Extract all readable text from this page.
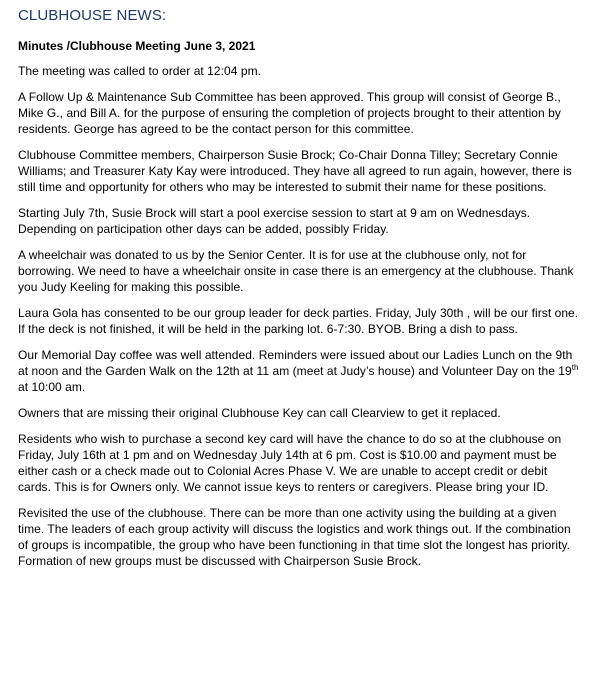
CLUBHOUSE NEWS:
Minutes /Clubhouse Meeting June 3, 2021

The meeting was called to order at 12:04 pm.

A Follow Up & Maintenance Sub Committee has been approved. This group will consist of George B., Mike G., and Bill A. for the purpose of ensuring the completion of projects brought to their attention by residents. George has agreed to be the contact person for this committee.

Clubhouse Committee members, Chairperson Susie Brock; Co-Chair Donna Tilley; Secretary Connie Williams; and Treasurer Katy Kay were introduced. They have all agreed to run again, however, there is still time and opportunity for others who may be interested to submit their name for these positions.

Starting July 7th, Susie Brock will start a pool exercise session to start at 9 am on Wednesdays. Depending on participation other days can be added, possibly Friday.

A wheelchair was donated to us by the Senior Center. It is for use at the clubhouse only, not for borrowing. We need to have a wheelchair onsite in case there is an emergency at the clubhouse. Thank you Judy Keeling for making this possible.

Laura Gola has consented to be our group leader for deck parties. Friday, July 30th , will be our first one. If the deck is not finished, it will be held in the parking lot. 6-7:30. BYOB. Bring a dish to pass.

Our Memorial Day coffee was well attended. Reminders were issued about our Ladies Lunch on the 9th at noon and the Garden Walk on the 12th at 11 am (meet at Judy’s house) and Volunteer Day on the 19th at 10:00 am.

Owners that are missing their original Clubhouse Key can call Clearview to get it replaced.

Residents who wish to purchase a second key card will have the chance to do so at the clubhouse on Friday, July 16th at 1 pm and on Wednesday July 14th at 6 pm. Cost is $10.00 and payment must be either cash or a check made out to Colonial Acres Phase V. We are unable to accept credit or debit cards. This is for Owners only. We cannot issue keys to renters or caregivers. Please bring your ID.

Revisited the use of the clubhouse. There can be more than one activity using the building at a given time. The leaders of each group activity will discuss the logistics and work things out. If the combination of groups is incompatible, the group who have been functioning in that time slot the longest has priority. Formation of new groups must be discussed with Chairperson Susie Brock.
